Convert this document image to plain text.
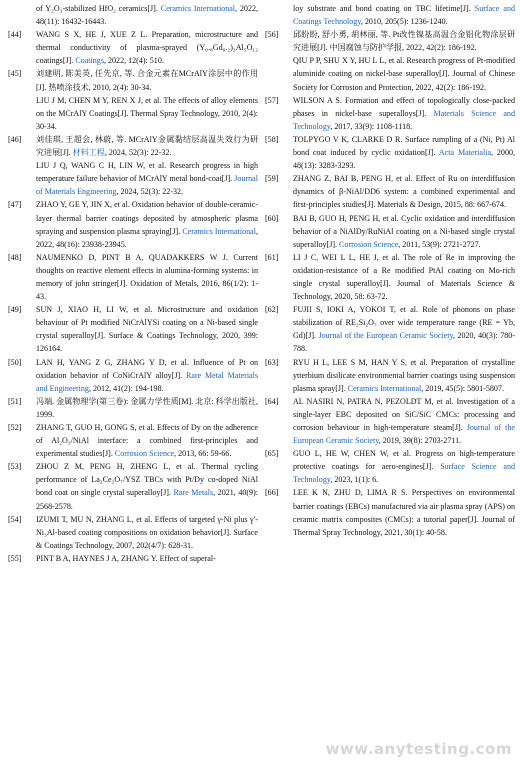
of Y₂O₃-stabilized HfO₂ ceramics[J]. Ceramics International, 2022, 48(11): 16432-16443.
[44] WANG S X, HE J, XUE Z L. Preparation, microstructure and thermal conductivity of plasma-sprayed (Y₀.₈Gd₀.₂)₃Al₅O₁₂ coatings[J]. Coatings, 2022, 12(4): 510.
[45] 刘建明, 陈美英, 任先京, 等. 合金元素在MCrAlY涂层中的作用[J]. 热喷涂技术, 2010, 2(4): 30-34.
LIU J M, CHEN M Y, REN X J, et al. The effects of alloy elements on the MCrAlY Coatings[J]. Thermal Spray Technology, 2010, 2(4): 30-34.
[46] 刘佳琪, 王超会, 林蔚, 等. MCrAlY金属黏结层高温失效行为研究进展[J]. 材料工程, 2024, 52(3): 22-32.
LIU J Q, WANG C H, LIN W, et al. Research progress in high temperature failure behavior of MCrAlY metal bond-coat[J]. Journal of Materials Engineering, 2024, 52(3): 22-32.
[47] ZHAO Y, GE Y, JIN X, et al. Oxidation behavior of double-ceramic-layer thermal barrier coatings deposited by atmospheric plasma spraying and suspension plasma spraying[J]. Ceramics International, 2022, 48(16): 23938-23945.
[48] NAUMENKO D, PINT B A, QUADAKKERS W J. Current thoughts on reactive element effects in alumina-forming systems: in memory of john stringer[J]. Oxidation of Metals, 2016, 86(1/2): 1-43.
[49] SUN J, XIAO H, LI W, et al. Microstructure and oxidation behaviour of Pt modified NiCrAlYSi coating on a Ni-based single crystal superalloy[J]. Surface & Coatings Technology, 2020, 399: 126164.
[50] LAN H, YANG Z G, ZHANG Y D, et al. Influence of Pt on oxidation behavior of CoNiCrAlY alloy[J]. Rare Metal Materials and Engineering, 2012, 41(2): 194-198.
[51] 冯端. 金属物理学(第三卷): 金属力学性质[M]. 北京: 科学出版社, 1999.
[52] ZHANG T, GUO H, GONG S, et al. Effects of Dy on the adherence of Al₂O₃/NiAl interface: a combined first-principles and experimental studies[J]. Corrosion Science, 2013, 66: 59-66.
[53] ZHOU Z M, PENG H, ZHENG L, et al. Thermal cycling performance of La₂Ce₂O₇/YSZ TBCs with Pt/Dy co-doped NiAl bond coat on single crystal superalloy[J]. Rare Metals, 2021, 40(9): 2568-2578.
[54] IZUMI T, MU N, ZHANG L, et al. Effects of targeted γ-Ni plus γ′-Ni₃Al-based coating compositions on oxidation behavior[J]. Surface & Coatings Technology, 2007, 202(4/7): 628-31.
[55] PINT B A, HAYNES J A, ZHANG Y. Effect of superal-
loy substrate and bond coating on TBC lifetime[J]. Surface and Coatings Technology, 2010, 205(5): 1236-1240.
[56] 邱盼盼, 舒小勇, 胡林丽, 等. Pt改性镍基高温合金铝化物涂层研究进展[J]. 中国腐蚀与防护学报, 2022, 42(2): 186-192.
QIU P P, SHU X Y, HU L L, et al. Research progress of Pt-modified aluminide coating on nickel-base superalloy[J]. Journal of Chinese Society for Corrosion and Protection, 2022, 42(2): 186-192.
[57] WILSON A S. Formation and effect of topologically close-packed phases in nickel-base superalloys[J]. Materials Science and Technology, 2017, 33(9): 1108-1118.
[58] TOLPYGO V K, CLARKE D R. Surface rumpling of a (Ni, Pt) Al bond coat induced by cyclic oxidation[J]. Acta Materialia, 2000, 48(13): 3283-3293.
[59] ZHANG Z, BAI B, PENG H, et al. Effect of Ru on interdiffusion dynamics of β-NiAl/DD6 system: a combined experimental and first-principles studies[J]. Materials & Design, 2015, 88: 667-674.
[60] BAI B, GUO H, PENG H, et al. Cyclic oxidation and interdiffusion behavior of a NiAlDy/RuNiAl coating on a Ni-based single crystal superalloy[J]. Corrosion Science, 2011, 53(9): 2721-2727.
[61] LI J C, WEI L L, HE J, et al. The role of Re in improving the oxidation-resistance of a Re modified PtAl coating on Mo-rich single crystal superalloy[J]. Journal of Materials Science & Technology, 2020, 58: 63-72.
[62] FUJII S, IOKI A, YOKOI T, et al. Role of phonons on phase stabilization of RE₂Si₂O₇ over wide temperature range (RE = Yb, Gd)[J]. Journal of the European Ceramic Society, 2020, 40(3): 780-788.
[63] RYU H L, LEE S M, HAN Y S, et al. Preparation of crystalline ytterbium disilicate environmental barrier coatings using suspension plasma spray[J]. Ceramics International, 2019, 45(5): 5801-5807.
[64] AL NASIRI N, PATRA N, PEZOLDT M, et al. Investigation of a single-layer EBC deposited on SiC/SiC CMCs: processing and corrosion behaviour in high-temperature steam[J]. Journal of the European Ceramic Society, 2019, 39(8): 2703-2711.
[65] GUO L, HE W, CHEN W, et al. Progress on high-temperature protective coatings for aero-engines[J]. Surface Science and Technology, 2023, 1(1): 6.
[66] LEE K N, ZHU D, LIMA R S. Perspectives on environmental barrier coatings (EBCs) manufactured via air plasma spray (APS) on ceramic matrix composites (CMCs): a tutorial paper[J]. Journal of Thermal Spray Technology, 2021, 30(1): 40-58.
www.anytesting.com
